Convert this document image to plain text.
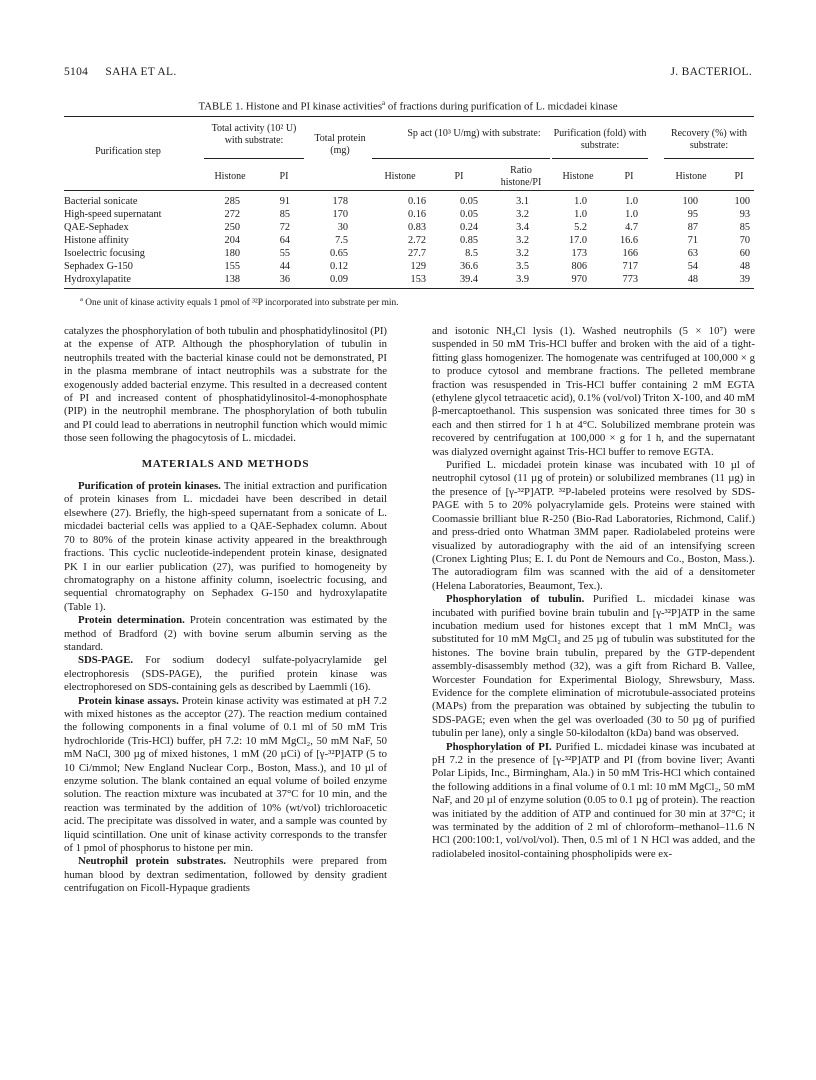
5104 SAHA ET AL.	J. BACTERIOL.
TABLE 1. Histone and PI kinase activities$^a$ of fractions during purification of L. micdadei kinase
Purification step
Total activity (10² U) with substrate:	Total protein (mg)
Sp act (10³ U/mg) with substrate:	Purification (fold) with substrate:
Recovery (%) with substrate:
Histone	PI	Histone	PI
Ratio histone/PI	Histone	PI	Histone	PI
Bacterial sonicate	285	91	178	0.16	0.05	3.1	1.0	1.0	100	100
High-speed supernatant	272	85	170	0.16	0.05	3.2	1.0	1.0	95	93
QAE-Sephadex	250	72	30	0.83	0.24	3.4	5.2	4.7	87	85
Histone affinity	204	64	7.5	2.72	0.85	3.2	17.0	16.6	71	70
Isoelectric focusing	180	55	0.65	27.7	8.5	3.2	173	166	63	60
Sephadex G-150	155	44	0.12	129	36.6	3.5	806	717	54	48
Hydroxylapatite	138	36	0.09	153	39.4	3.9	970	773	48	39
$^a$ One unit of kinase activity equals 1 pmol of ³²P incorporated into substrate per min.

catalyzes the phosphorylation of both tubulin and phosphatidylinositol (PI) at the expense of ATP. Although the phosphorylation of tubulin in neutrophils treated with the bacterial kinase could not be demonstrated, PI in the plasma membrane of intact neutrophils was a substrate for the exogenously added bacterial enzyme. This resulted in a decreased content of PI and increased content of phosphatidylinositol-4-monophosphate (PIP) in the neutrophil membrane. The phosphorylation of both tubulin and PI could lead to aberrations in neutrophil function which would mimic those seen following the phagocytosis of L. micdadei.

MATERIALS AND METHODS

Purification of protein kinases. The initial extraction and purification of protein kinases from L. micdadei have been described in detail elsewhere (27). Briefly, the high-speed supernatant from a sonicate of L. micdadei bacterial cells was applied to a QAE-Sephadex column. About 70 to 80% of the protein kinase activity appeared in the breakthrough fractions. This cyclic nucleotide-independent protein kinase, designated PK I in our earlier publication (27), was purified to homogeneity by chromatography on a histone affinity column, isoelectric focusing, and sequential chromatography on Sephadex G-150 and hydroxylapatite (Table 1).

Protein determination. Protein concentration was estimated by the method of Bradford (2) with bovine serum albumin serving as the standard.

SDS-PAGE. For sodium dodecyl sulfate-polyacrylamide gel electrophoresis (SDS-PAGE), the purified protein kinase was electrophoresed on SDS-containing gels as described by Laemmli (16).

Protein kinase assays. Protein kinase activity was estimated at pH 7.2 with mixed histones as the acceptor (27). The reaction medium contained the following components in a final volume of 0.1 ml of 50 mM Tris hydrochloride (Tris-HCl) buffer, pH 7.2: 10 mM MgCl₂, 50 mM NaF, 50 mM NaCl, 300 µg of mixed histones, 1 mM (20 µCi) of [γ-³²P]ATP (5 to 10 Ci/mmol; New England Nuclear Corp., Boston, Mass.), and 10 µl of enzyme solution. The blank contained an equal volume of boiled enzyme solution. The reaction mixture was incubated at 37°C for 10 min, and the reaction was terminated by the addition of 10% (wt/vol) trichloroacetic acid. The precipitate was dissolved in water, and a sample was counted by liquid scintillation. One unit of kinase activity corresponds to the transfer of 1 pmol of phosphorus to histone per min.

Neutrophil protein substrates. Neutrophils were prepared from human blood by dextran sedimentation, followed by density gradient centrifugation on Ficoll-Hypaque gradients

and isotonic NH₄Cl lysis (1). Washed neutrophils (5 × 10⁷) were suspended in 50 mM Tris-HCl buffer and broken with the aid of a tight-fitting glass homogenizer. The homogenate was centrifuged at 100,000 × g to produce cytosol and membrane fractions. The pelleted membrane fraction was resuspended in Tris-HCl buffer containing 2 mM EGTA (ethylene glycol tetraacetic acid), 0.1% (vol/vol) Triton X-100, and 40 mM β-mercaptoethanol. This suspension was sonicated three times for 30 s each and then stirred for 1 h at 4°C. Solubilized membrane protein was recovered by centrifugation at 100,000 × g for 1 h, and the supernatant was dialyzed overnight against Tris-HCl buffer to remove EGTA.

Purified L. micdadei protein kinase was incubated with 10 µl of neutrophil cytosol (11 µg of protein) or solubilized membranes (11 µg) in the presence of [γ-³²P]ATP. ³²P-labeled proteins were resolved by SDS-PAGE with 5 to 20% polyacrylamide gels. Proteins were stained with Coomassie brilliant blue R-250 (Bio-Rad Laboratories, Richmond, Calif.) and press-dried onto Whatman 3MM paper. Radiolabeled proteins were visualized by autoradiography with the aid of an intensifying screen (Cronex Lighting Plus; E. I. du Pont de Nemours and Co., Boston, Mass.). The autoradiogram film was scanned with the aid of a densitometer (Helena Laboratories, Beaumont, Tex.).

Phosphorylation of tubulin. Purified L. micdadei kinase was incubated with purified bovine brain tubulin and [γ-³²P]ATP in the same incubation medium used for histones except that 1 mM MnCl₂ was substituted for 10 mM MgCl₂ and 25 µg of tubulin was substituted for the histones. The bovine brain tubulin, prepared by the GTP-dependent assembly-disassembly method (32), was a gift from Richard B. Vallee, Worcester Foundation for Experimental Biology, Shrewsbury, Mass. Evidence for the complete elimination of microtubule-associated proteins (MAPs) from the preparation was obtained by subjecting the tubulin to SDS-PAGE; even when the gel was overloaded (30 to 50 µg of purified tubulin per lane), only a single 50-kilodalton (kDa) band was observed.

Phosphorylation of PI. Purified L. micdadei kinase was incubated at pH 7.2 in the presence of [γ-³²P]ATP and PI (from bovine liver; Avanti Polar Lipids, Inc., Birmingham, Ala.) in 50 mM Tris-HCl which contained the following additions in a final volume of 0.1 ml: 10 mM MgCl₂, 50 mM NaF, and 20 µl of enzyme solution (0.05 to 0.1 µg of protein). The reaction was initiated by the addition of ATP and continued for 30 min at 37°C; it was terminated by the addition of 2 ml of chloroform–methanol–11.6 N HCl (200:100:1, vol/vol/vol). Then, 0.5 ml of 1 N HCl was added, and the radiolabeled inositol-containing phospholipids were ex-
